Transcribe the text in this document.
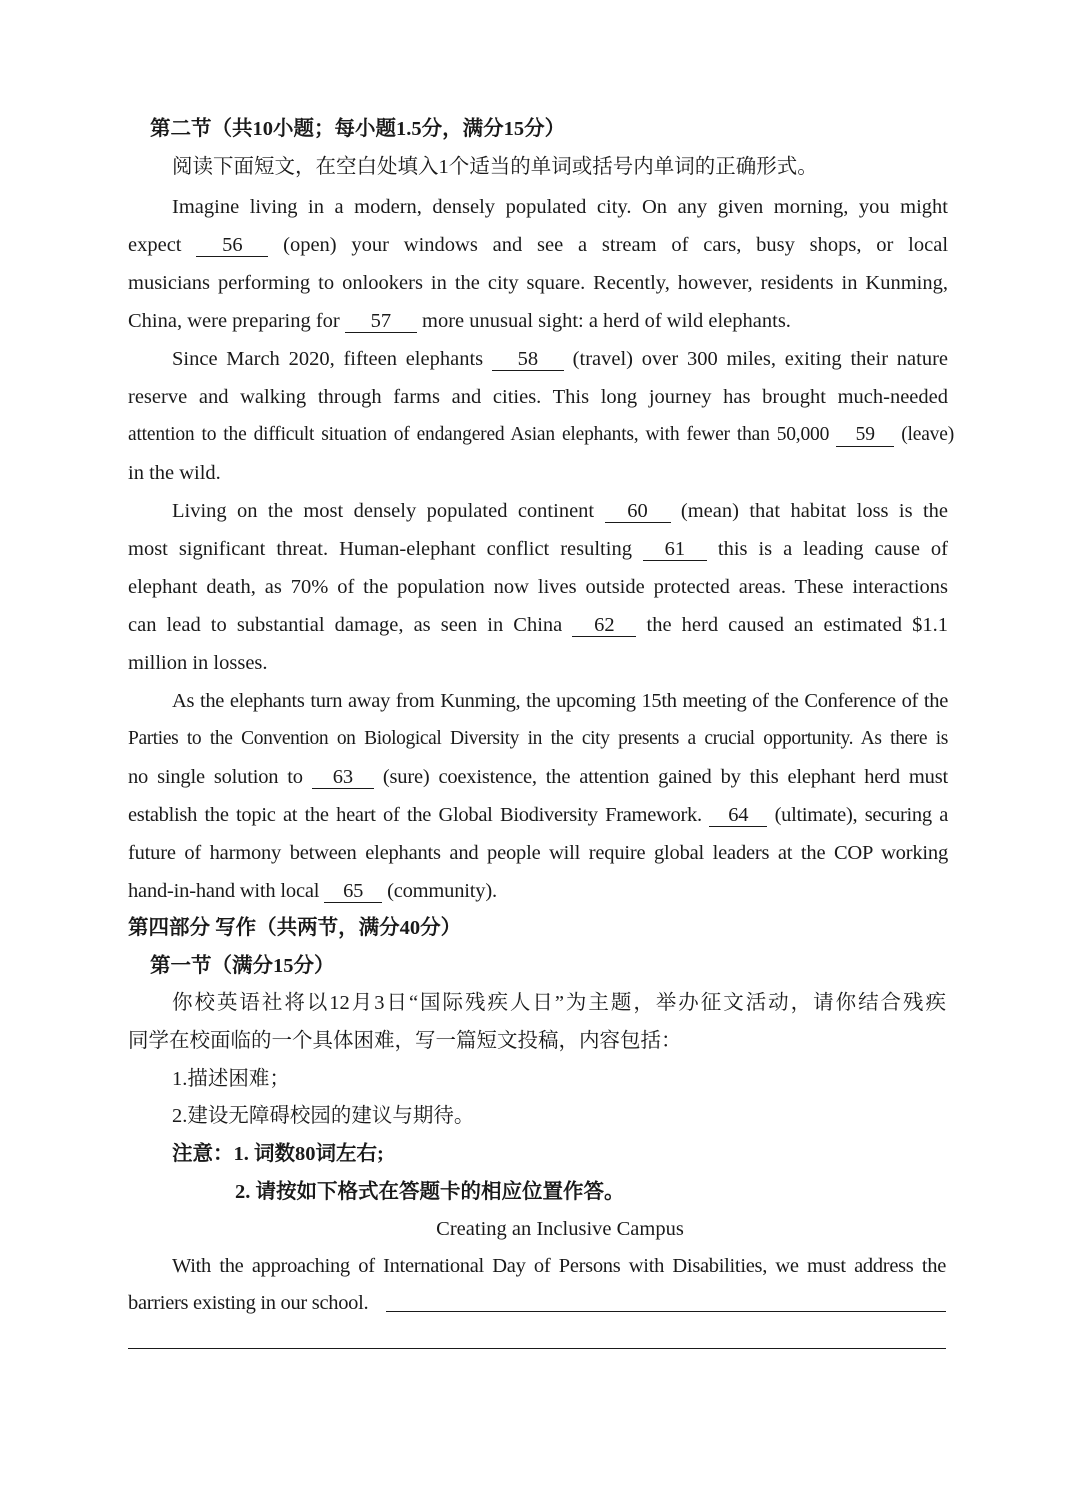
第二节（共10小题；每小题1.5分，满分15分）
阅读下面短文，在空白处填入1个适当的单词或括号内单词的正确形式。
Imagine living in a modern, densely populated city. On any given morning, you might
expect 56 (open) your windows and see a stream of cars, busy shops, or local
musicians performing to onlookers in the city square. Recently, however, residents in Kunming,
China, were preparing for 57 more unusual sight: a herd of wild elephants.
Since March 2020, fifteen elephants 58 (travel) over 300 miles, exiting their nature
reserve and walking through farms and cities. This long journey has brought much-needed
attention to the difficult situation of endangered Asian elephants, with fewer than 50,000 59 (leave)
in the wild.
Living on the most densely populated continent 60 (mean) that habitat loss is the
most significant threat. Human-elephant conflict resulting 61 this is a leading cause of
elephant death, as 70% of the population now lives outside protected areas. These interactions
can lead to substantial damage, as seen in China 62 the herd caused an estimated $1.1
million in losses.
As the elephants turn away from Kunming, the upcoming 15th meeting of the Conference of the
Parties to the Convention on Biological Diversity in the city presents a crucial opportunity. As there is
no single solution to 63 (sure) coexistence, the attention gained by this elephant herd must
establish the topic at the heart of the Global Biodiversity Framework. 64 (ultimate), securing a
future of harmony between elephants and people will require global leaders at the COP working
hand-in-hand with local 65 (community).
第四部分 写作（共两节，满分40分）
第一节（满分15分）
你校英语社将以12月3日“国际残疾人日”为主题，举办征文活动，请你结合残疾
同学在校面临的一个具体困难，写一篇短文投稿，内容包括：
1.描述困难；
2.建设无障碍校园的建议与期待。
注意：1. 词数80词左右;
2. 请按如下格式在答题卡的相应位置作答。
Creating an Inclusive Campus
With the approaching of International Day of Persons with Disabilities, we must address the
barriers existing in our school.
